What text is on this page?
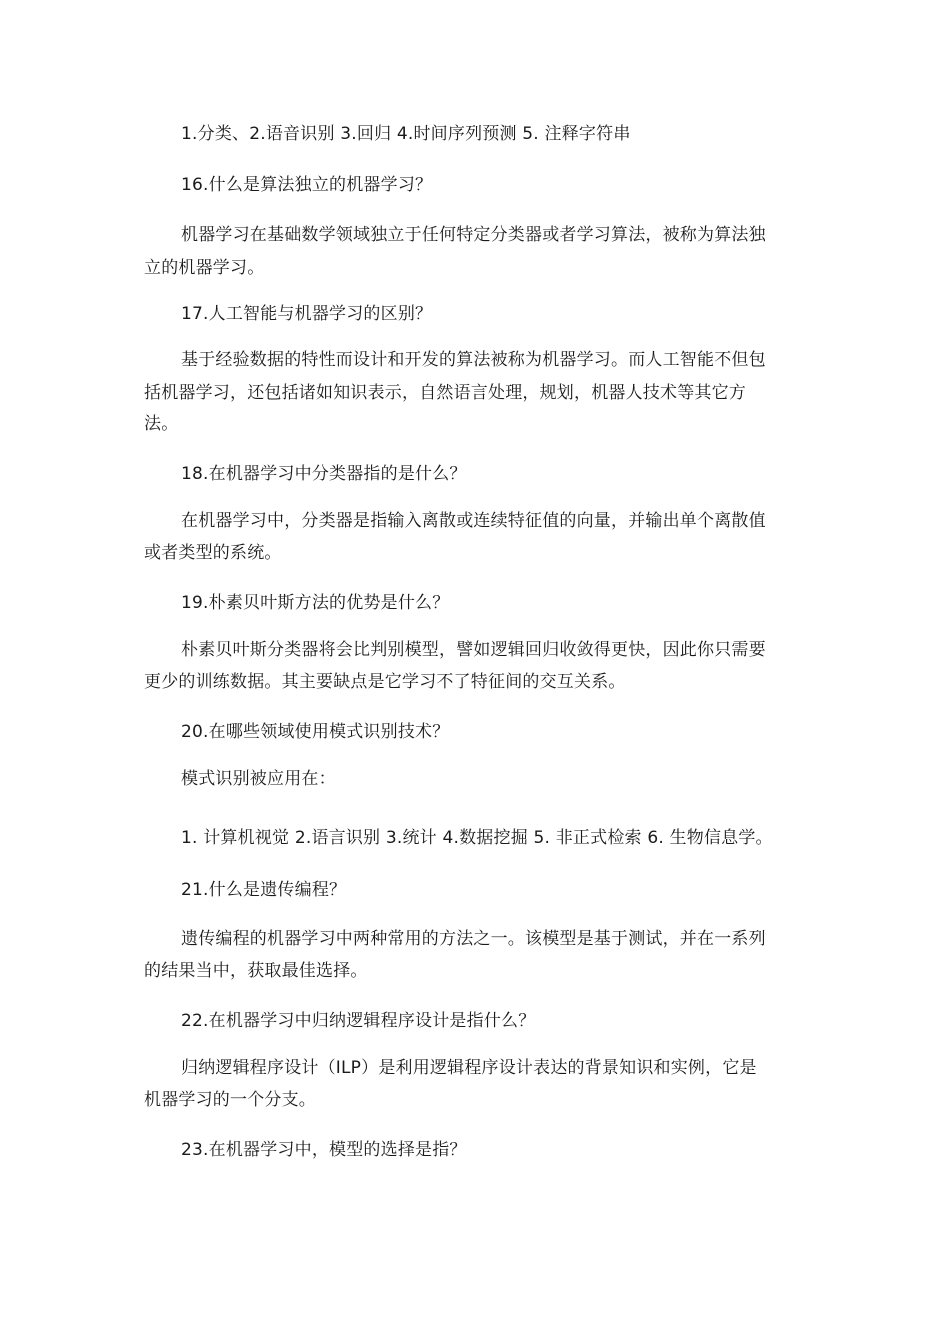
1.分类、2.语音识别 3.回归 4.时间序列预测 5. 注释字符串
16.什么是算法独立的机器学习？
机器学习在基础数学领域独立于任何特定分类器或者学习算法，被称为算法独
立的机器学习。
17.人工智能与机器学习的区别？
基于经验数据的特性而设计和开发的算法被称为机器学习。而人工智能不但包
括机器学习，还包括诸如知识表示，自然语言处理，规划，机器人技术等其它方
法。
18.在机器学习中分类器指的是什么？
在机器学习中，分类器是指输入离散或连续特征值的向量，并输出单个离散值
或者类型的系统。
19.朴素贝叶斯方法的优势是什么？
朴素贝叶斯分类器将会比判别模型，譬如逻辑回归收敛得更快，因此你只需要
更少的训练数据。其主要缺点是它学习不了特征间的交互关系。
20.在哪些领域使用模式识别技术？
模式识别被应用在：
1. 计算机视觉 2.语言识别 3.统计 4.数据挖掘 5. 非正式检索 6. 生物信息学。
21.什么是遗传编程？
遗传编程的机器学习中两种常用的方法之一。该模型是基于测试，并在一系列
的结果当中，获取最佳选择。
22.在机器学习中归纳逻辑程序设计是指什么？
归纳逻辑程序设计（ILP）是利用逻辑程序设计表达的背景知识和实例，它是
机器学习的一个分支。
23.在机器学习中，模型的选择是指？
